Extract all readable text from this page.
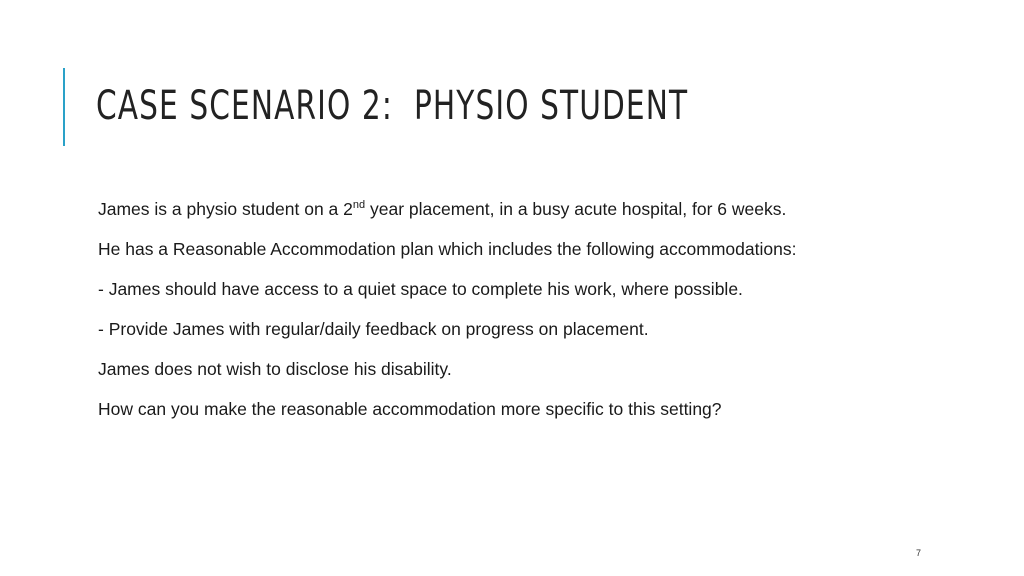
CASE SCENARIO 2:  PHYSIO STUDENT

James is a physio student on a 2nd year placement, in a busy acute hospital, for 6 weeks.

He has a Reasonable Accommodation plan which includes the following accommodations:

- James should have access to a quiet space to complete his work, where possible.

- Provide James with regular/daily feedback on progress on placement.

James does not wish to disclose his disability.

How can you make the reasonable accommodation more specific to this setting?

7
